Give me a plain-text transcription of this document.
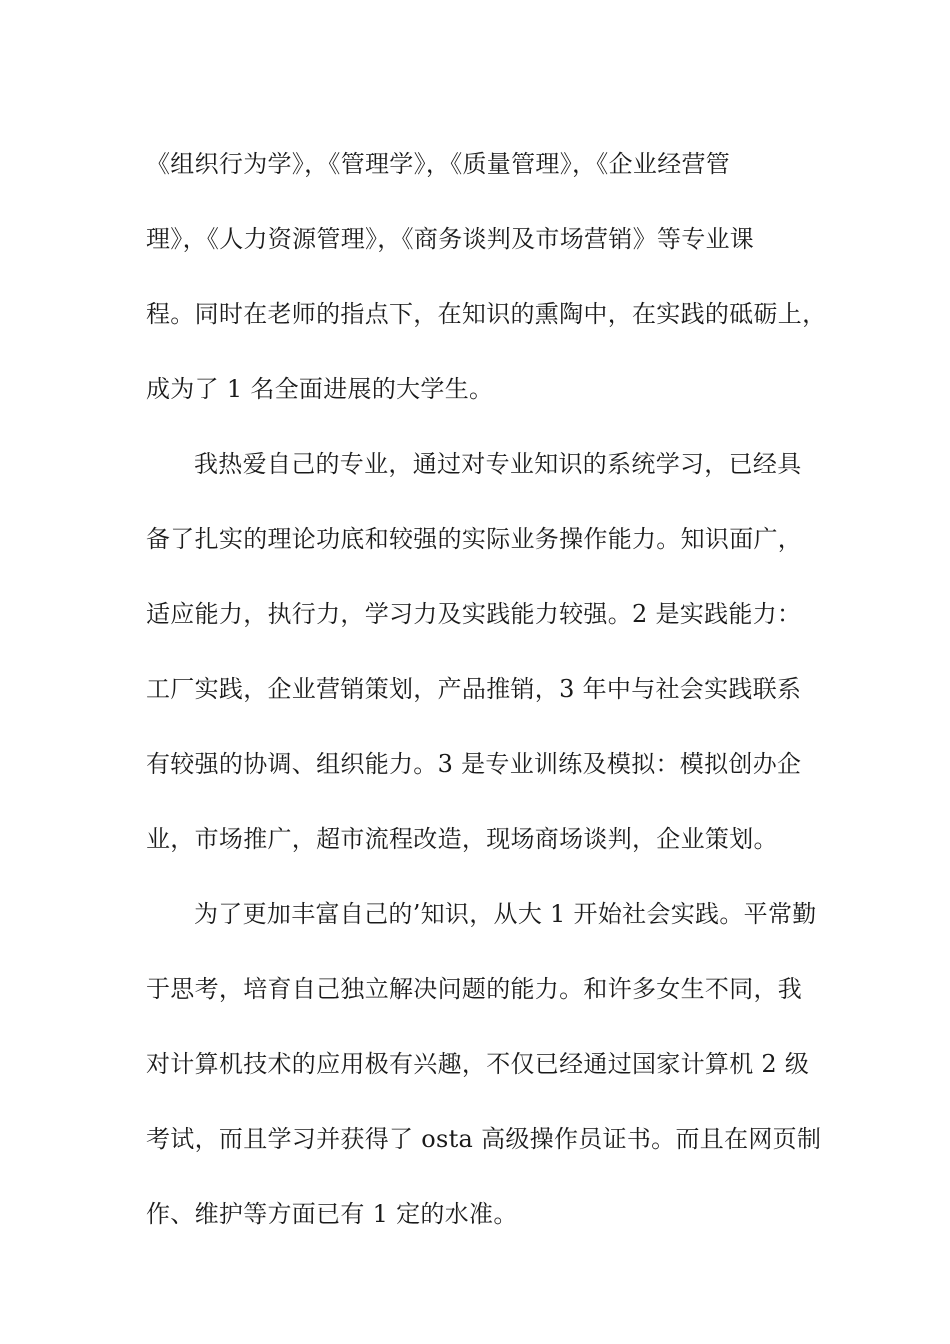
《组织行为学》，《管理学》，《质量管理》，《企业经营管
理》，《人力资源管理》，《商务谈判及市场营销》等专业课
程。同时在老师的指点下，在知识的熏陶中，在实践的砥砺上，
成为了 1 名全面进展的大学生。
我热爱自己的专业，通过对专业知识的系统学习，已经具
备了扎实的理论功底和较强的实际业务操作能力。知识面广，
适应能力，执行力，学习力及实践能力较强。2 是实践能力：
工厂实践，企业营销策划，产品推销，3 年中与社会实践联系
有较强的协调、组织能力。3 是专业训练及模拟：模拟创办企
业，市场推广，超市流程改造，现场商场谈判，企业策划。
为了更加丰富自己的’知识，从大 1 开始社会实践。平常勤
于思考，培育自己独立解决问题的能力。和许多女生不同，我
对计算机技术的应用极有兴趣，不仅已经通过国家计算机 2 级
考试，而且学习并获得了 osta 高级操作员证书。而且在网页制
作、维护等方面已有 1 定的水准。
